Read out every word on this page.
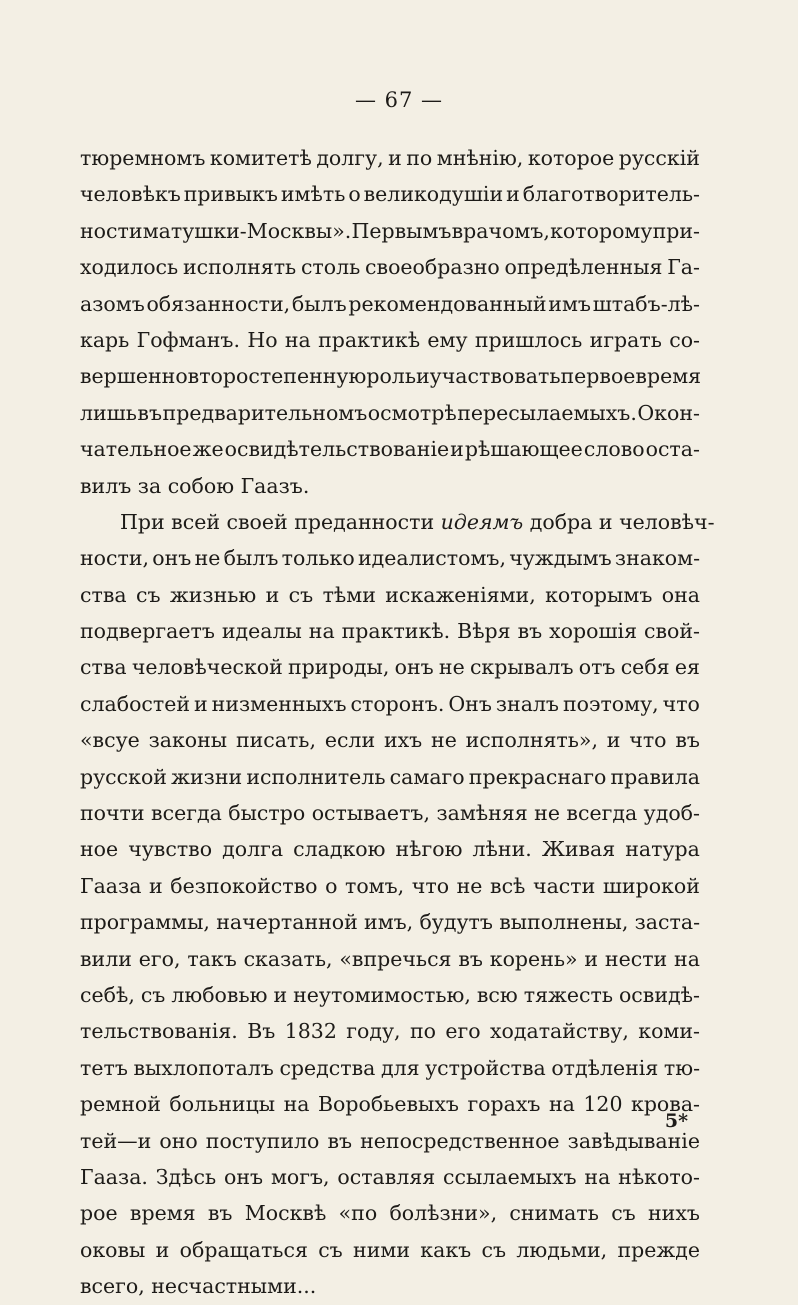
— 67 —
тюремномъ комитетѣ долгу, и по мнѣнію, которое русскій
человѣкъ привыкъ имѣть о великодушіи и благотворитель-
ности матушки-Москвы». Первымъ врачомъ, которому при-
ходилось исполнять столь своеобразно опредѣленныя Га-
азомъ обязанности, былъ рекомендованный имъ штабъ-лѣ-
карь Гофманъ. Но на практикѣ ему пришлось играть со-
вершенно второстепенную роль и участвовать первое время
лишь въ предварительномъ осмотрѣ пересылаемыхъ. Окон-
чательное же освидѣтельствованіе и рѣшающее слово оста-
вилъ за собою Гаазъ.
При всей своей преданности идеямъ добра и человѣч-
ности, онъ не былъ только идеалистомъ, чуждымъ знаком-
ства съ жизнью и съ тѣми искаженіями, которымъ она
подвергаетъ идеалы на практикѣ. Вѣря въ хорошія свой-
ства человѣческой природы, онъ не скрывалъ отъ себя ея
слабостей и низменныхъ сторонъ. Онъ зналъ поэтому, что
«всуе законы писать, если ихъ не исполнять», и что въ
русской жизни исполнитель самаго прекраснаго правила
почти всегда быстро остываетъ, замѣняя не всегда удоб-
ное чувство долга сладкою нѣгою лѣни. Живая натура
Гааза и безпокойство о томъ, что не всѣ части широкой
программы, начертанной имъ, будутъ выполнены, заста-
вили его, такъ сказать, «впречься въ корень» и нести на
себѣ, съ любовью и неутомимостью, всю тяжесть освидѣ-
тельствованія. Въ 1832 году, по его ходатайству, коми-
тетъ выхлопоталъ средства для устройства отдѣленія тю-
ремной больницы на Воробьевыхъ горахъ на 120 крова-
тей—и оно поступило въ непосредственное завѣдываніе
Гааза. Здѣсь онъ могъ, оставляя ссылаемыхъ на нѣкото-
рое время въ Москвѣ «по болѣзни», снимать съ нихъ
оковы и обращаться съ ними какъ съ людьми, прежде
всего, несчастными...
5*
